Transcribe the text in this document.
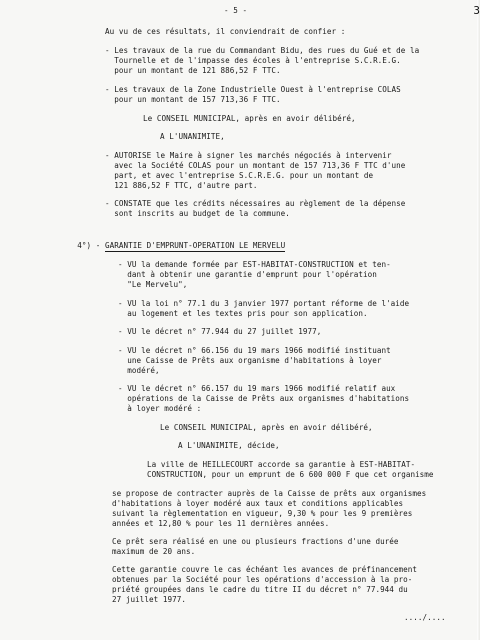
3
- 5 -
Au vu de ces résultats, il conviendrait de confier :
- Les travaux de la rue du Commandant Bidu, des rues du Gué et de la
Tournelle et de l'impasse des écoles à l'entreprise S.C.R.E.G.
pour un montant de 121 886,52 F TTC.
- Les travaux de la Zone Industrielle Ouest à l'entreprise COLAS
pour un montant de 157 713,36 F TTC.
Le CONSEIL MUNICIPAL, après en avoir délibéré,
A L'UNANIMITE,
- AUTORISE le Maire à signer les marchés négociés à intervenir
avec la Société COLAS pour un montant de 157 713,36 F TTC d'une
part, et avec l'entreprise S.C.R.E.G. pour un montant de
121 886,52 F TTC, d'autre part.
- CONSTATE que les crédits nécessaires au règlement de la dépense
sont inscrits au budget de la commune.

4°) - GARANTIE D'EMPRUNT-OPERATION LE MERVELU

- VU la demande formée par EST-HABITAT-CONSTRUCTION et ten-
dant à obtenir une garantie d'emprunt pour l'opération
"Le Mervelu",
- VU la loi n° 77.1 du 3 janvier 1977 portant réforme de l'aide
au logement et les textes pris pour son application.
- VU le décret n° 77.944 du 27 juillet 1977,
- VU le décret n° 66.156 du 19 mars 1966 modifié instituant
une Caisse de Prêts aux organisme d'habitations à loyer
modéré,
- VU le décret n° 66.157 du 19 mars 1966 modifié relatif aux
opérations de la Caisse de Prêts aux organismes d'habitations
à loyer modéré :
Le CONSEIL MUNICIPAL, après en avoir délibéré,
A L'UNANIMITE, décide,
La ville de HEILLECOURT accorde sa garantie à EST-HABITAT-
CONSTRUCTION, pour un emprunt de 6 600 000 F que cet organisme
se propose de contracter auprès de la Caisse de prêts aux organismes
d'habitations à loyer modéré aux taux et conditions applicables
suivant la règlementation en vigueur, 9,30 % pour les 9 premières
années et 12,80 % pour les 11 dernières années.
Ce prêt sera réalisé en une ou plusieurs fractions d'une durée
maximum de 20 ans.
Cette garantie couvre le cas échéant les avances de préfinancement
obtenues par la Société pour les opérations d'accession à la pro-
priété groupées dans le cadre du titre II du décret n° 77.944 du
27 juillet 1977.
..../....
